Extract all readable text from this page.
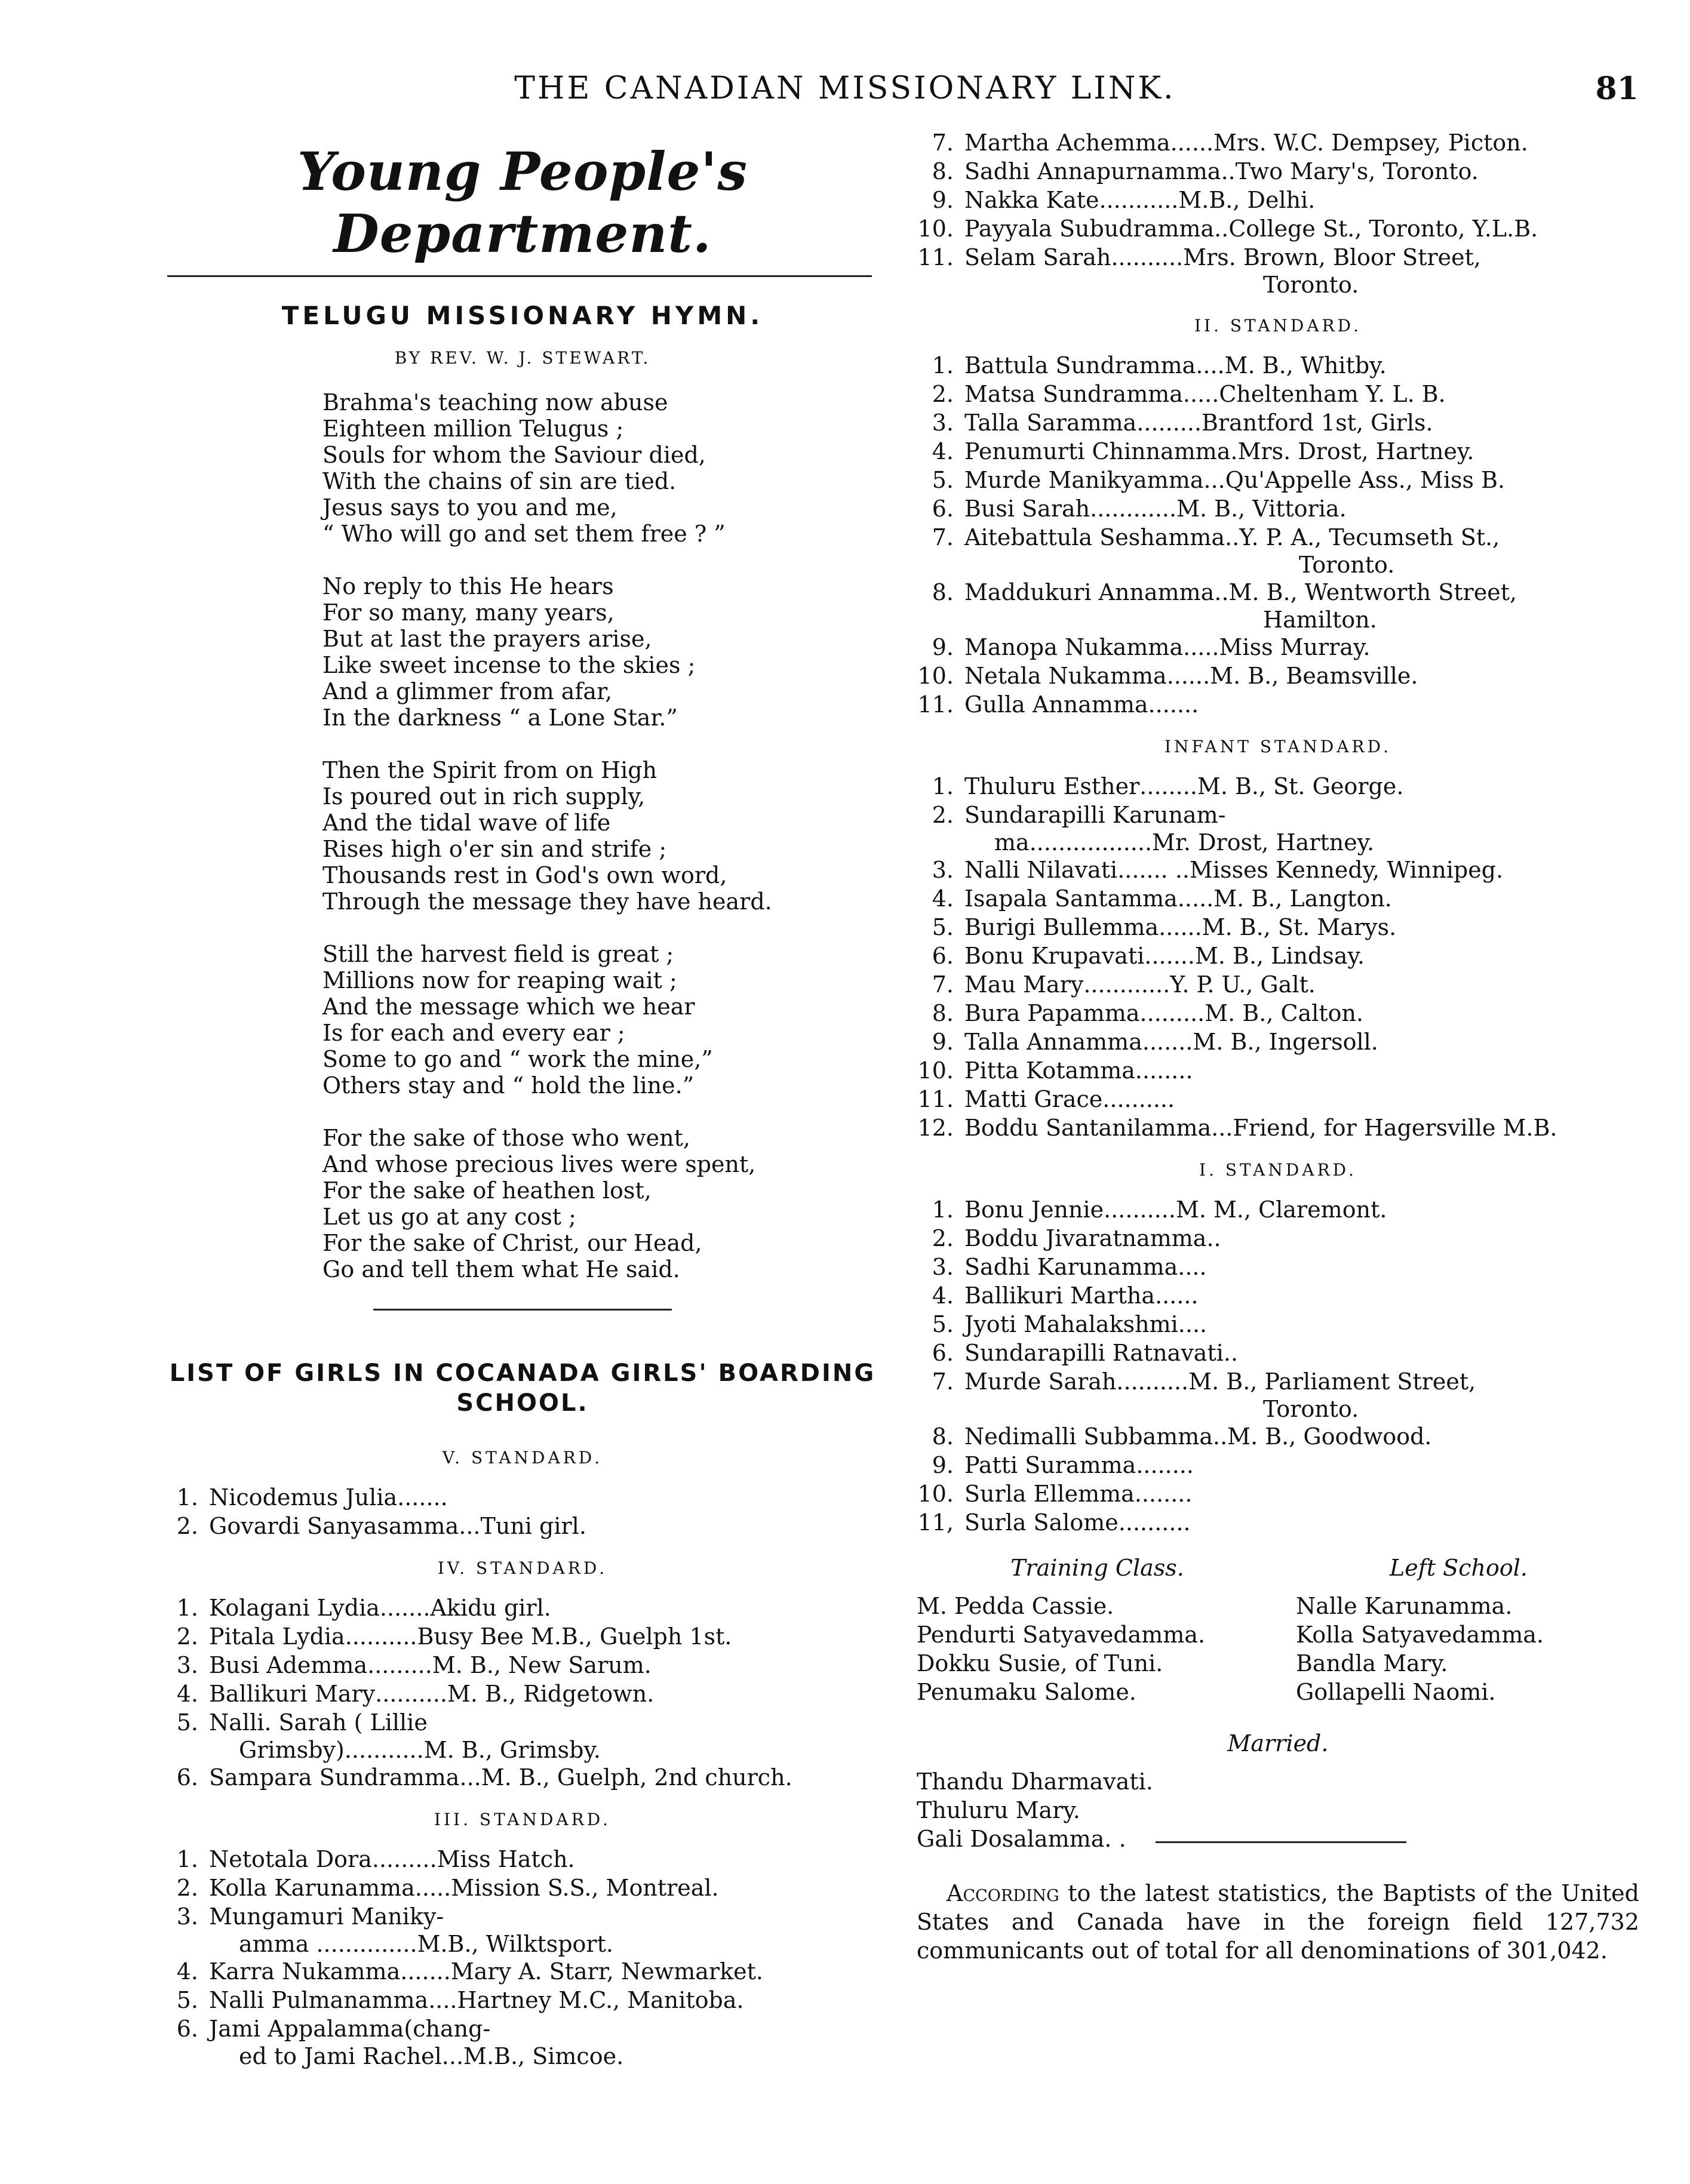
THE CANADIAN MISSIONARY LINK.	81
Young People's Department.
TELUGU MISSIONARY HYMN.
BY REV. W. J. STEWART.
Brahma's teaching now abuse
Eighteen million Telugus ;
Souls for whom the Saviour died,
With the chains of sin are tied.
Jesus says to you and me,
“ Who will go and set them free ? ”
No reply to this He hears
For so many, many years,
But at last the prayers arise,
Like sweet incense to the skies ;
And a glimmer from afar,
In the darkness “ a Lone Star.”
Then the Spirit from on High
Is poured out in rich supply,
And the tidal wave of life
Rises high o'er sin and strife ;
Thousands rest in God's own word,
Through the message they have heard.
Still the harvest field is great ;
Millions now for reaping wait ;
And the message which we hear
Is for each and every ear ;
Some to go and “ work the mine,”
Others stay and “ hold the line.”
For the sake of those who went,
And whose precious lives were spent,
For the sake of heathen lost,
Let us go at any cost ;
For the sake of Christ, our Head,
Go and tell them what He said.
LIST OF GIRLS IN COCANADA GIRLS' BOARDING
SCHOOL.
V. STANDARD.
1. Nicodemus Julia .......
2. Govardi Sanyasamma ... Tuni girl.
IV. STANDARD.
1. Kolagani Lydia ....... Akidu girl.
2. Pitala Lydia .......... Busy Bee M.B., Guelph 1st.
3. Busi Ademma ......... M. B., New Sarum.
4. Ballikuri Mary .......... M. B., Ridgetown.
5. Nalli. Sarah ( Lillie
Grimsby)...........M. B., Grimsby.
6. Sampara Sundramma ... M. B., Guelph, 2nd church.
III. STANDARD.
1. Netotala Dora ......... Miss Hatch.
2. Kolla Karunamma ..... Mission S.S., Montreal.
3. Mungamuri Maniky-
amma ..............M.B., Wilktsport.
4. Karra Nukamma ....... Mary A. Starr, Newmarket.
5. Nalli Pulmanamma .... Hartney M.C., Manitoba.
6. Jami Appalamma(chang-
ed to Jami Rachel...M.B., Simcoe.
7. Martha Achemma ...... Mrs. W.C. Dempsey, Picton.
8. Sadhi Annapurnamma .. Two Mary's, Toronto.
9. Nakka Kate ........... M.B., Delhi.
10. Payyala Subudramma .. College St., Toronto, Y.L.B.
11. Selam Sarah .......... Mrs. Brown, Bloor Street,
Toronto.
II. STANDARD.
1. Battula Sundramma .... M. B., Whitby.
2. Matsa Sundramma ..... Cheltenham Y. L. B.
3. Talla Saramma ......... Brantford 1st, Girls.
4. Penumurti Chinnamma . Mrs. Drost, Hartney.
5. Murde Manikyamma ... Qu'Appelle Ass., Miss B.
6. Busi Sarah ............ M. B., Vittoria.
7. Aitebattula Seshamma .. Y. P. A., Tecumseth St.,
Toronto.
8. Maddukuri Annamma .. M. B., Wentworth Street,
Hamilton.
9. Manopa Nukamma ..... Miss Murray.
10. Netala Nukamma ...... M. B., Beamsville.
11. Gulla Annamma .......
INFANT STANDARD.
1. Thuluru Esther ........ M. B., St. George.
2. Sundarapilli Karunam-
ma.................Mr. Drost, Hartney.
3. Nalli Nilavati ....... .. Misses Kennedy, Winnipeg.
4. Isapala Santamma ..... M. B., Langton.
5. Burigi Bullemma ...... M. B., St. Marys.
6. Bonu Krupavati ....... M. B., Lindsay.
7. Mau Mary ............ Y. P. U., Galt.
8. Bura Papamma ......... M. B., Calton.
9. Talla Annamma ....... M. B., Ingersoll.
10. Pitta Kotamma ........
11. Matti Grace ..........
12. Boddu Santanilamma ... Friend, for Hagersville M.B.
I. STANDARD.
1. Bonu Jennie .......... M. M., Claremont.
2. Boddu Jivaratnamma ..
3. Sadhi Karunamma ....
4. Ballikuri Martha ......
5. Jyoti Mahalakshmi ....
6. Sundarapilli Ratnavati ..
7. Murde Sarah .......... M. B., Parliament Street,
Toronto.
8. Nedimalli Subbamma .. M. B., Goodwood.
9. Patti Suramma ........
10. Surla Ellemma ........
11, Surla Salome ..........
Training Class.
M. Pedda Cassie.
Pendurti Satyavedamma.
Dokku Susie, of Tuni.
Penumaku Salome.
Left School.
Nalle Karunamma.
Kolla Satyavedamma.
Bandla Mary.
Gollapelli Naomi.
Married.
Thandu Dharmavati.
Thuluru Mary.
Gali Dosalamma. .
According to the latest statistics, the Baptists of the United States and Canada have in the foreign field 127,732 communicants out of total for all denominations of 301,042.
